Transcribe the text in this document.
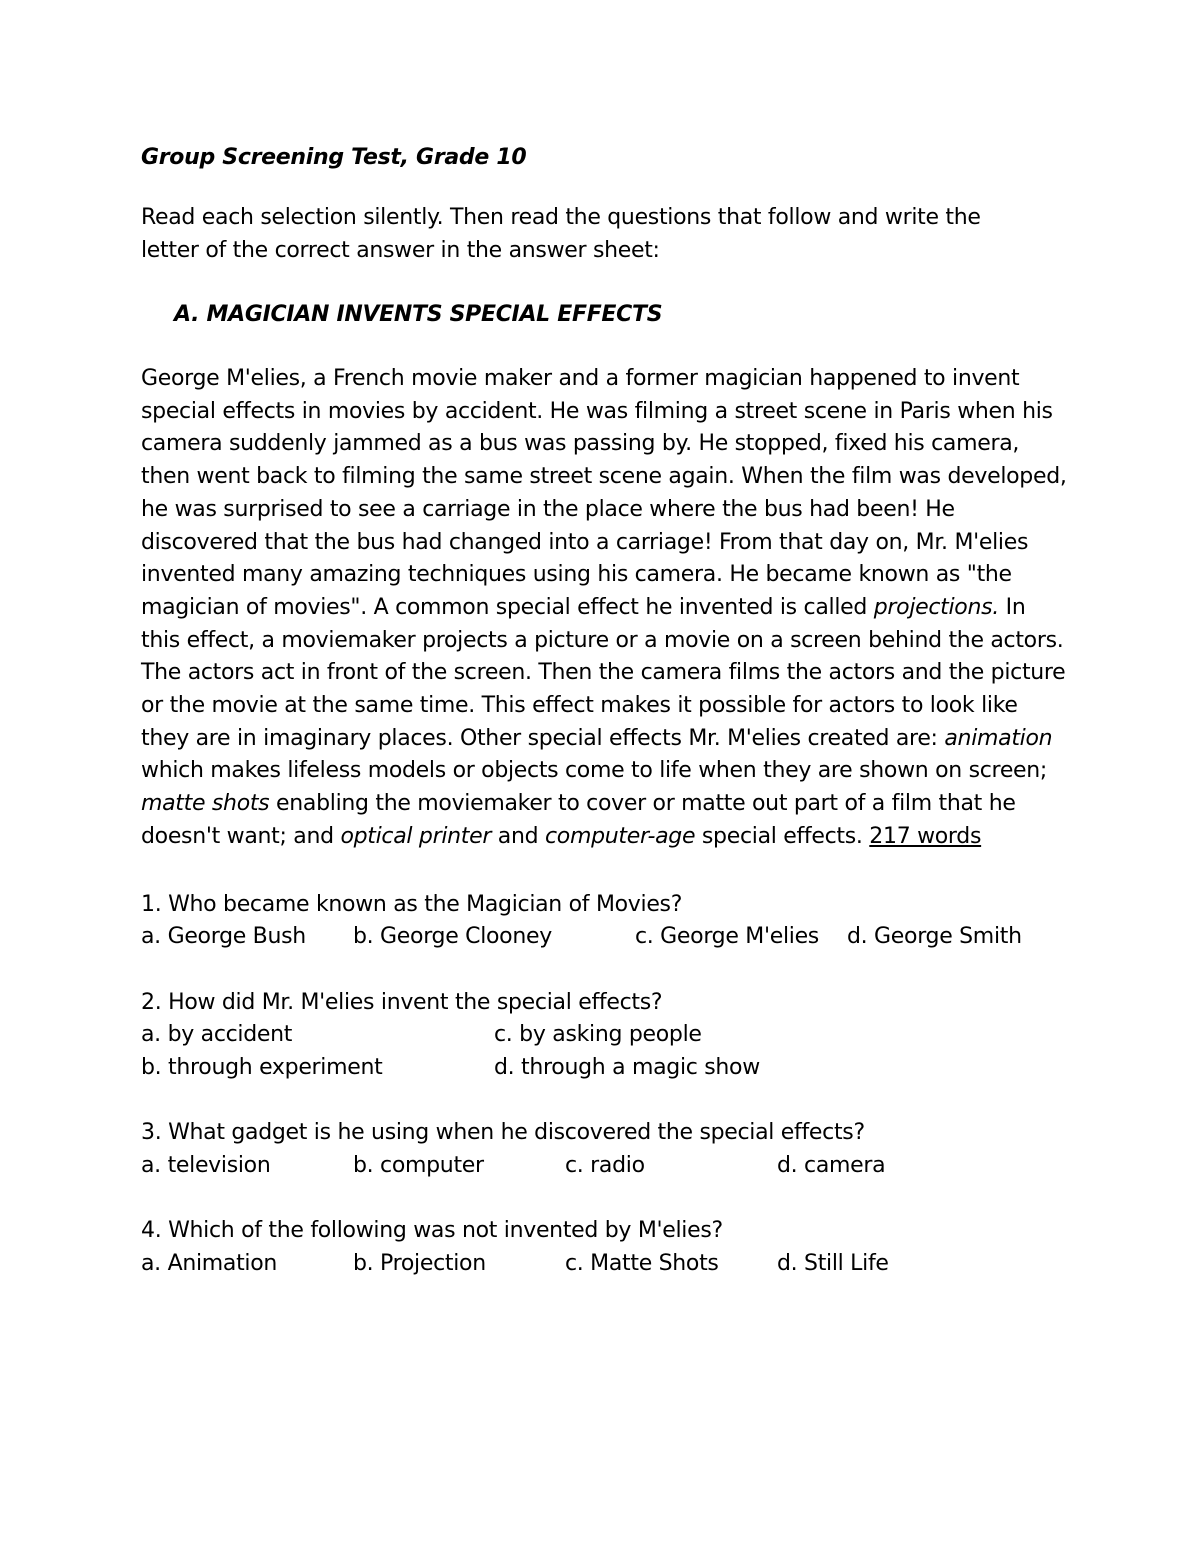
Group Screening Test, Grade 10

Read each selection silently. Then read the questions that follow and write the
letter of the correct answer in the answer sheet:

A. MAGICIAN INVENTS SPECIAL EFFECTS

George M'elies, a French movie maker and a former magician happened to invent special effects in movies by accident. He was filming a street scene in Paris when his camera suddenly jammed as a bus was passing by. He stopped, fixed his camera, then went back to filming the same street scene again. When the film was developed, he was surprised to see a carriage in the place where the bus had been! He discovered that the bus had changed into a carriage! From that day on, Mr. M'elies invented many amazing techniques using his camera. He became known as "the magician of movies". A common special effect he invented is called projections. In this effect, a moviemaker projects a picture or a movie on a screen behind the actors. The actors act in front of the screen. Then the camera films the actors and the picture or the movie at the same time. This effect makes it possible for actors to look like they are in imaginary places. Other special effects Mr. M'elies created are: animation which makes lifeless models or objects come to life when they are shown on screen; matte shots enabling the moviemaker to cover or matte out part of a film that he doesn't want; and optical printer and computer-age special effects. 217 words

1. Who became known as the Magician of Movies?
a. George Bush	b. George Clooney	c. George M'elies	d. George Smith
2. How did Mr. M'elies invent the special effects?
a. by accident	c. by asking people
b. through experiment	d. through a magic show
3. What gadget is he using when he discovered the special effects?
a. television	b. computer	c. radio	d. camera
4. Which of the following was not invented by M'elies?
a. Animation	b. Projection	c. Matte Shots	d. Still Life
